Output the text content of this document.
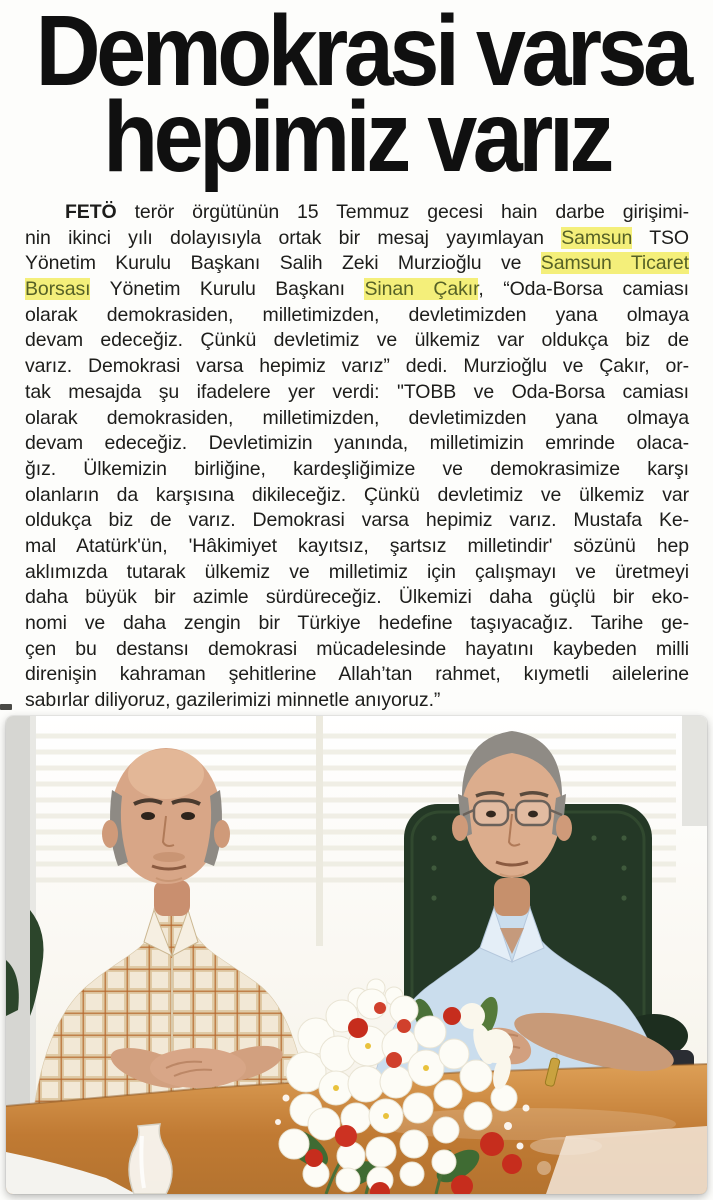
Demokrasi varsa
hepimiz varız
FETÖ terör örgütünün 15 Temmuz gecesi hain darbe girişimi-
nin ikinci yılı dolayısıyla ortak bir mesaj yayımlayan Samsun TSO
Yönetim Kurulu Başkanı Salih Zeki Murzioğlu ve Samsun Ticaret
Borsası Yönetim Kurulu Başkanı Sinan Çakır, “Oda-Borsa camiası
olarak demokrasiden, milletimizden, devletimizden yana olmaya
devam edeceğiz. Çünkü devletimiz ve ülkemiz var oldukça biz de
varız. Demokrasi varsa hepimiz varız” dedi. Murzioğlu ve Çakır, or-
tak mesajda şu ifadelere yer verdi: "TOBB ve Oda-Borsa camiası
olarak demokrasiden, milletimizden, devletimizden yana olmaya
devam edeceğiz. Devletimizin yanında, milletimizin emrinde olaca-
ğız. Ülkemizin birliğine, kardeşliğimize ve demokrasimize karşı
olanların da karşısına dikileceğiz. Çünkü devletimiz ve ülkemiz var
oldukça biz de varız. Demokrasi varsa hepimiz varız. Mustafa Ke-
mal Atatürk'ün, 'Hâkimiyet kayıtsız, şartsız milletindir' sözünü hep
aklımızda tutarak ülkemiz ve milletimiz için çalışmayı ve üretmeyi
daha büyük bir azimle sürdüreceğiz. Ülkemizi daha güçlü bir eko-
nomi ve daha zengin bir Türkiye hedefine taşıyacağız. Tarihe ge-
çen bu destansı demokrasi mücadelesinde hayatını kaybeden milli
direnişin kahraman şehitlerine Allah’tan rahmet, kıymetli ailelerine
sabırlar diliyoruz, gazilerimizi minnetle anıyoruz.”
